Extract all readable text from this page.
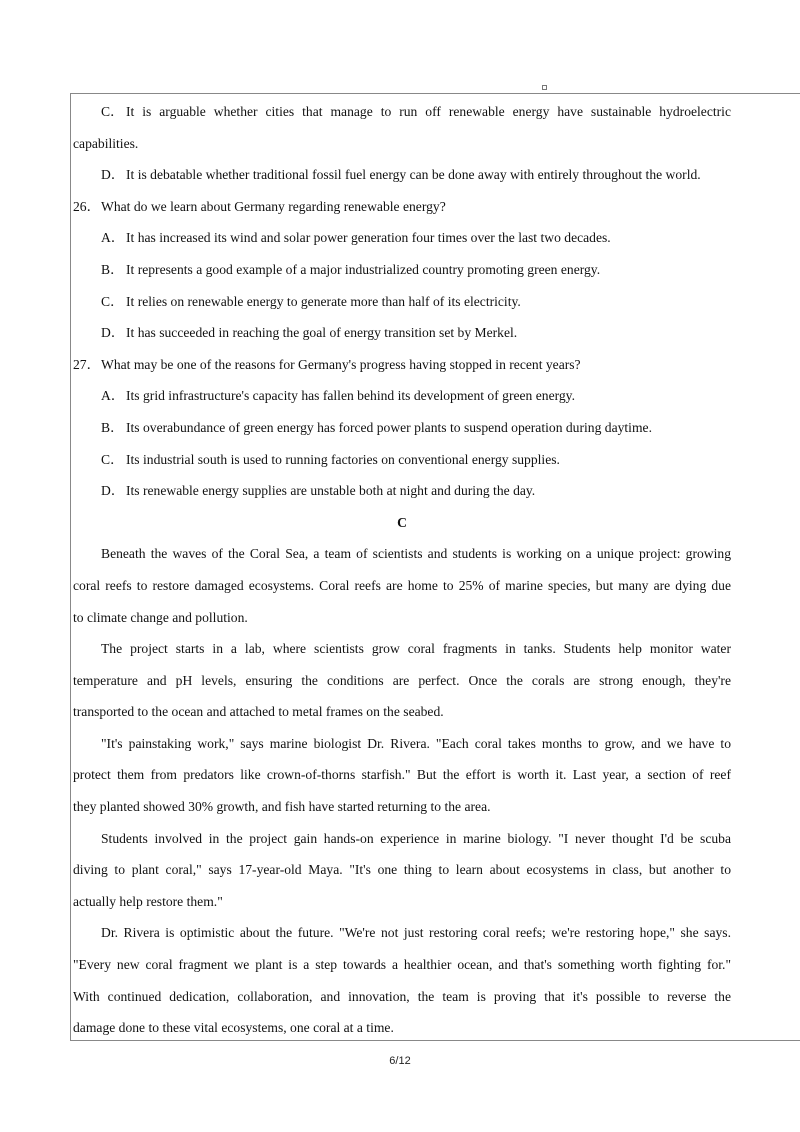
C． It is arguable whether cities that manage to run off renewable energy have sustainable hydroelectric
capabilities.
D． It is debatable whether traditional fossil fuel energy can be done away with entirely throughout the world.
26． What do we learn about Germany regarding renewable energy?
A． It has increased its wind and solar power generation four times over the last two decades.
B． It represents a good example of a major industrialized country promoting green energy.
C． It relies on renewable energy to generate more than half of its electricity.
D． It has succeeded in reaching the goal of energy transition set by Merkel.
27． What may be one of the reasons for Germany's progress having stopped in recent years?
A． Its grid infrastructure's capacity has fallen behind its development of green energy.
B． Its overabundance of green energy has forced power plants to suspend operation during daytime.
C． Its industrial south is used to running factories on conventional energy supplies.
D． Its renewable energy supplies are unstable both at night and during the day.
C
Beneath the waves of the Coral Sea, a team of scientists and students is working on a unique project: growing
coral reefs to restore damaged ecosystems. Coral reefs are home to 25% of marine species, but many are dying due
to climate change and pollution.
The project starts in a lab, where scientists grow coral fragments in tanks. Students help monitor water
temperature and pH levels, ensuring the conditions are perfect. Once the corals are strong enough, they're
transported to the ocean and attached to metal frames on the seabed.
"It's painstaking work," says marine biologist Dr. Rivera. "Each coral takes months to grow, and we have to
protect them from predators like crown-of-thorns starfish." But the effort is worth it. Last year, a section of reef
they planted showed 30% growth, and fish have started returning to the area.
Students involved in the project gain hands-on experience in marine biology. "I never thought I'd be scuba
diving to plant coral," says 17-year-old Maya. "It's one thing to learn about ecosystems in class, but another to
actually help restore them."
Dr. Rivera is optimistic about the future. "We're not just restoring coral reefs; we're restoring hope," she says.
"Every new coral fragment we plant is a step towards a healthier ocean, and that's something worth fighting for."
With continued dedication, collaboration, and innovation, the team is proving that it's possible to reverse the
damage done to these vital ecosystems, one coral at a time.
6/12
